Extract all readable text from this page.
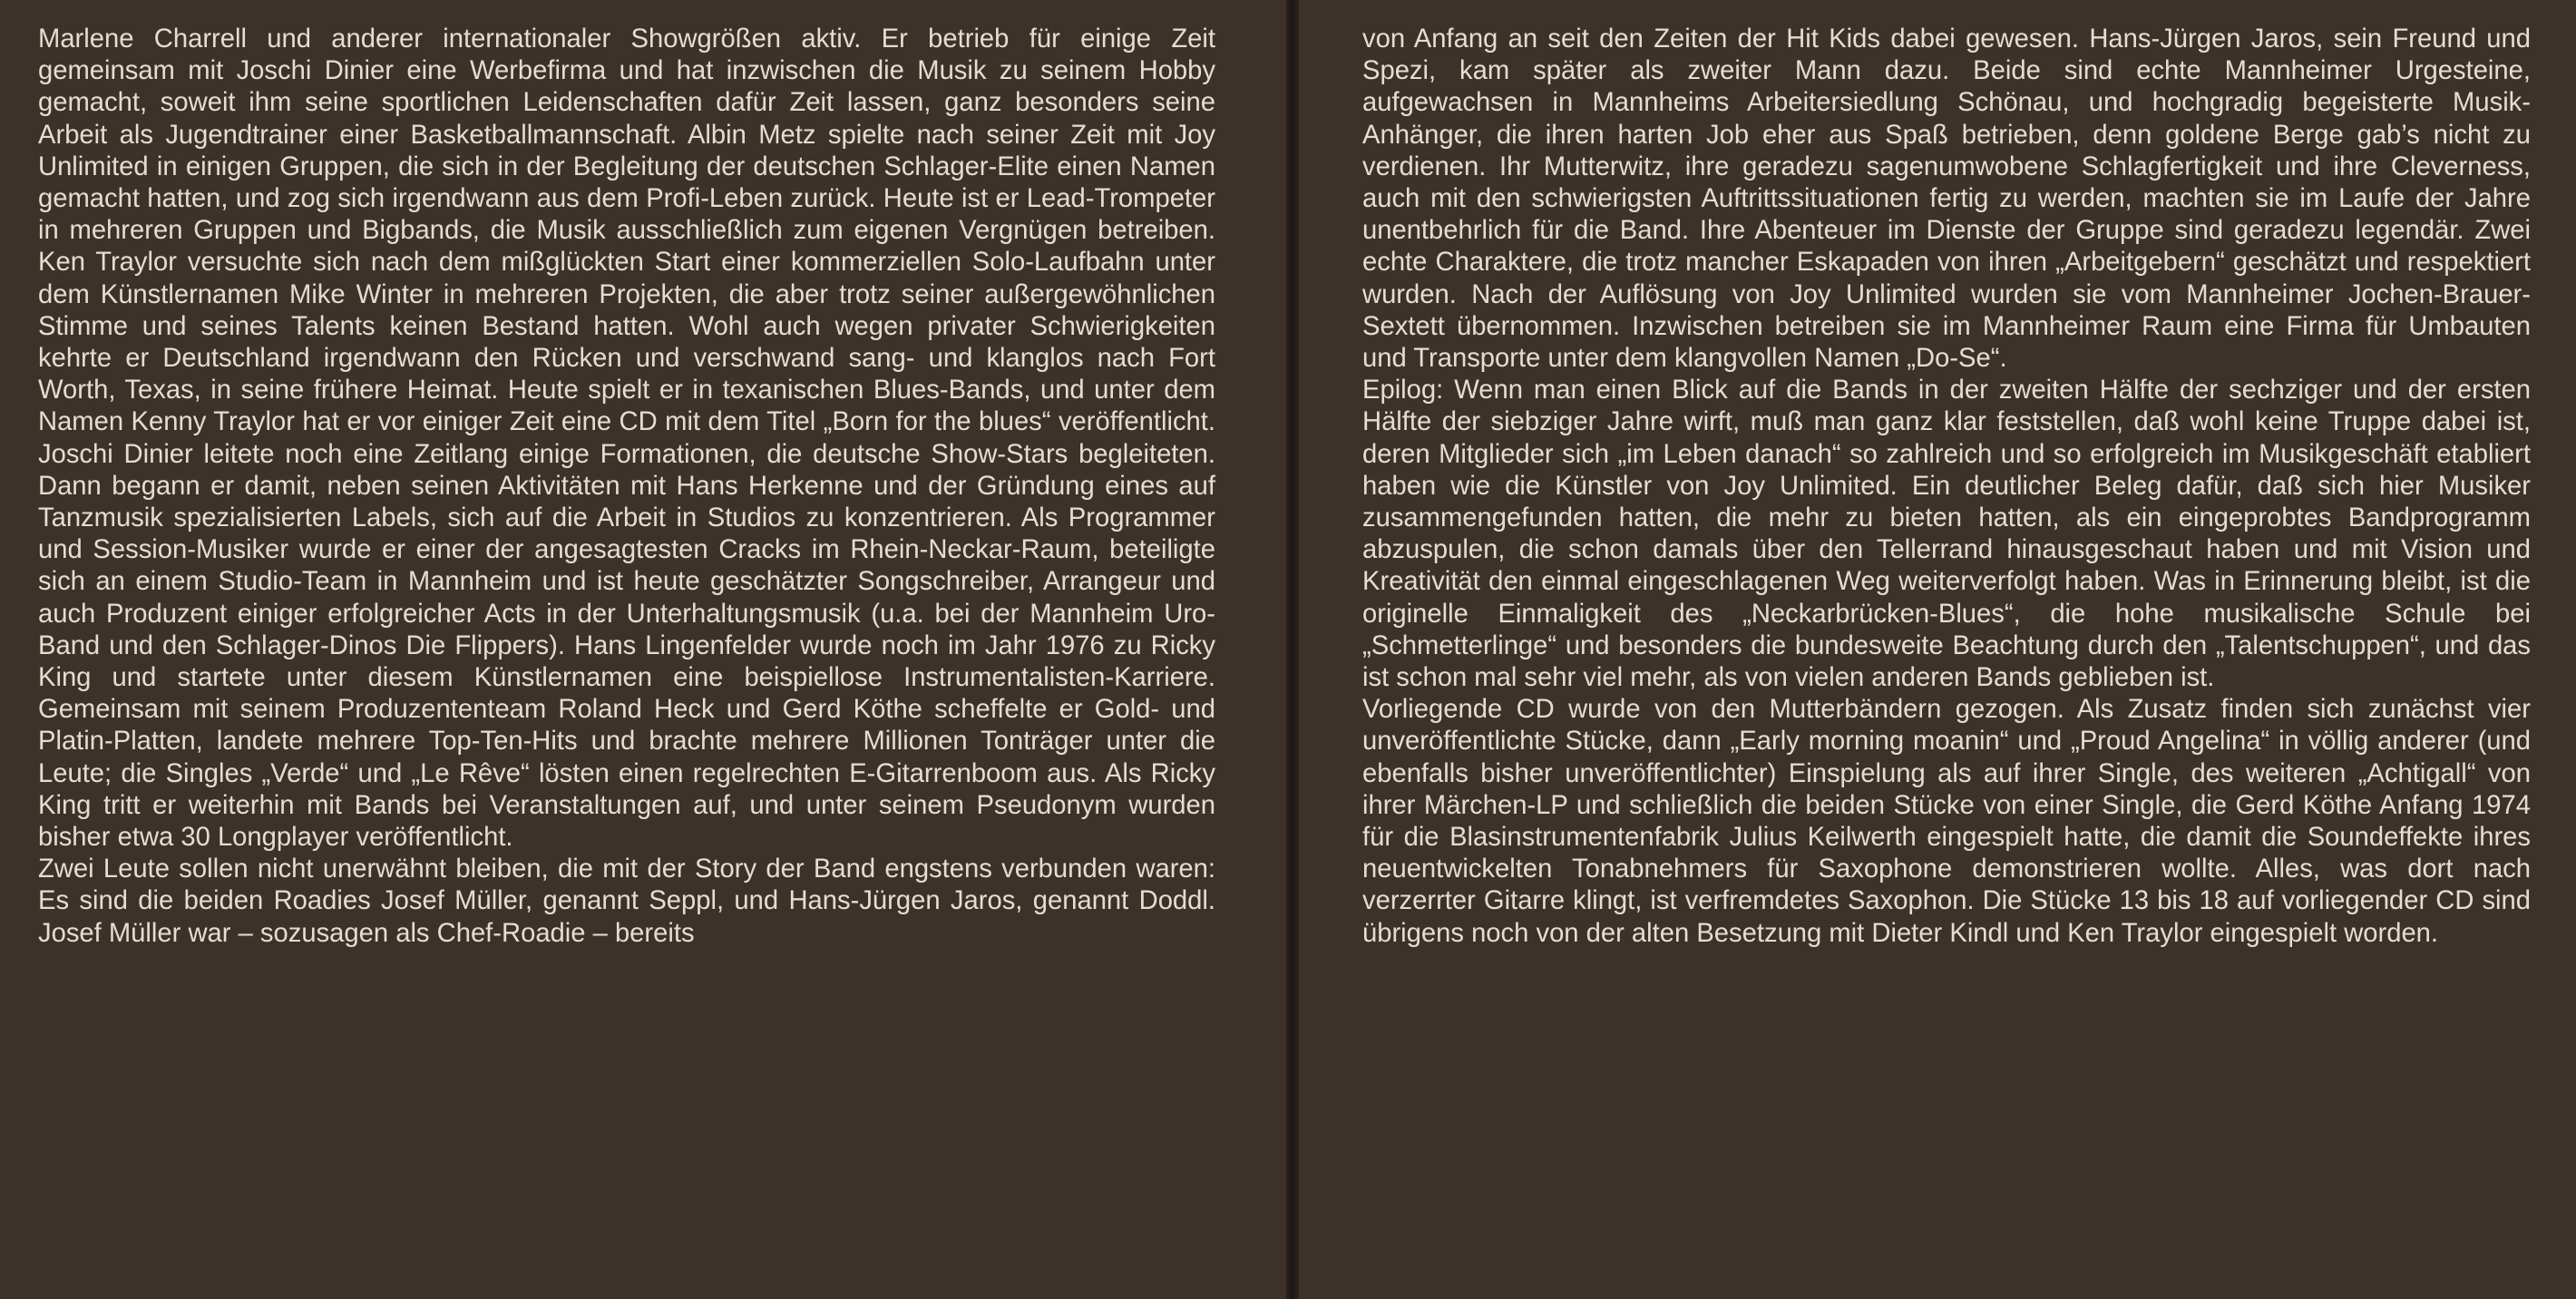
Marlene Charrell und anderer internationaler Showgrößen aktiv. Er betrieb für einige Zeit gemeinsam mit Joschi Dinier eine Werbefirma und hat inzwischen die Musik zu seinem Hobby gemacht, soweit ihm seine sportlichen Leidenschaften dafür Zeit lassen, ganz besonders seine Arbeit als Jugendtrainer einer Basketballmannschaft. Albin Metz spielte nach seiner Zeit mit Joy Unlimited in einigen Gruppen, die sich in der Begleitung der deutschen Schlager-Elite einen Namen gemacht hatten, und zog sich irgendwann aus dem Profi-Leben zurück. Heute ist er Lead-Trompeter in mehreren Gruppen und Bigbands, die Musik ausschließlich zum eigenen Vergnügen betreiben. Ken Traylor versuchte sich nach dem mißglückten Start einer kommerziellen Solo-Laufbahn unter dem Künstlernamen Mike Winter in mehreren Projekten, die aber trotz seiner außergewöhnlichen Stimme und seines Talents keinen Bestand hatten. Wohl auch wegen privater Schwierigkeiten kehrte er Deutschland irgendwann den Rücken und verschwand sang- und klanglos nach Fort Worth, Texas, in seine frühere Heimat. Heute spielt er in texanischen Blues-Bands, und unter dem Namen Kenny Traylor hat er vor einiger Zeit eine CD mit dem Titel „Born for the blues“ veröffentlicht. Joschi Dinier leitete noch eine Zeitlang einige Formationen, die deutsche Show-Stars begleiteten. Dann begann er damit, neben seinen Aktivitäten mit Hans Herkenne und der Gründung eines auf Tanzmusik spezialisierten Labels, sich auf die Arbeit in Studios zu konzentrieren. Als Programmer und Session-Musiker wurde er einer der angesagtesten Cracks im Rhein-Neckar-Raum, beteiligte sich an einem Studio-Team in Mannheim und ist heute geschätzter Songschreiber, Arrangeur und auch Produzent einiger erfolgreicher Acts in der Unterhaltungsmusik (u.a. bei der Mannheim Uro-Band und den Schlager-Dinos Die Flippers). Hans Lingenfelder wurde noch im Jahr 1976 zu Ricky King und startete unter diesem Künstlernamen eine beispiellose Instrumentalisten-Karriere. Gemeinsam mit seinem Produzententeam Roland Heck und Gerd Köthe scheffelte er Gold- und Platin-Platten, landete mehrere Top-Ten-Hits und brachte mehrere Millionen Tonträger unter die Leute; die Singles „Verde“ und „Le Rêve“ lösten einen regelrechten E-Gitarrenboom aus. Als Ricky King tritt er weiterhin mit Bands bei Veranstaltungen auf, und unter seinem Pseudonym wurden bisher etwa 30 Longplayer veröffentlicht.

Zwei Leute sollen nicht unerwähnt bleiben, die mit der Story der Band engstens verbunden waren: Es sind die beiden Roadies Josef Müller, genannt Seppl, und Hans-Jürgen Jaros, genannt Doddl. Josef Müller war – sozusagen als Chef-Roadie – bereits

von Anfang an seit den Zeiten der Hit Kids dabei gewesen. Hans-Jürgen Jaros, sein Freund und Spezi, kam später als zweiter Mann dazu. Beide sind echte Mannheimer Urgesteine, aufgewachsen in Mannheims Arbeitersiedlung Schönau, und hochgradig begeisterte Musik-Anhänger, die ihren harten Job eher aus Spaß betrieben, denn goldene Berge gab’s nicht zu verdienen. Ihr Mutterwitz, ihre geradezu sagenumwobene Schlagfertigkeit und ihre Cleverness, auch mit den schwierigsten Auftrittssituationen fertig zu werden, machten sie im Laufe der Jahre unentbehrlich für die Band. Ihre Abenteuer im Dienste der Gruppe sind geradezu legendär. Zwei echte Charaktere, die trotz mancher Eskapaden von ihren „Arbeitgebern“ geschätzt und respektiert wurden. Nach der Auflösung von Joy Unlimited wurden sie vom Mannheimer Jochen-Brauer-Sextett übernommen. Inzwischen betreiben sie im Mannheimer Raum eine Firma für Umbauten und Transporte unter dem klangvollen Namen „Do-Se“.

Epilog: Wenn man einen Blick auf die Bands in der zweiten Hälfte der sechziger und der ersten Hälfte der siebziger Jahre wirft, muß man ganz klar feststellen, daß wohl keine Truppe dabei ist, deren Mitglieder sich „im Leben danach“ so zahlreich und so erfolgreich im Musikgeschäft etabliert haben wie die Künstler von Joy Unlimited. Ein deutlicher Beleg dafür, daß sich hier Musiker zusammengefunden hatten, die mehr zu bieten hatten, als ein eingeprobtes Bandprogramm abzuspulen, die schon damals über den Tellerrand hinausgeschaut haben und mit Vision und Kreativität den einmal eingeschlagenen Weg weiterverfolgt haben. Was in Erinnerung bleibt, ist die originelle Einmaligkeit des „Neckarbrücken-Blues“, die hohe musikalische Schule bei „Schmetterlinge“ und besonders die bundesweite Beachtung durch den „Talentschuppen“, und das ist schon mal sehr viel mehr, als von vielen anderen Bands geblieben ist.

Vorliegende CD wurde von den Mutterbändern gezogen. Als Zusatz finden sich zunächst vier unveröffentlichte Stücke, dann „Early morning moanin“ und „Proud Angelina“ in völlig anderer (und ebenfalls bisher unveröffentlichter) Einspielung als auf ihrer Single, des weiteren „Achtigall“ von ihrer Märchen-LP und schließlich die beiden Stücke von einer Single, die Gerd Köthe Anfang 1974 für die Blasinstrumentenfabrik Julius Keilwerth eingespielt hatte, die damit die Soundeffekte ihres neuentwickelten Tonabnehmers für Saxophone demonstrieren wollte. Alles, was dort nach verzerrter Gitarre klingt, ist verfremdetes Saxophon. Die Stücke 13 bis 18 auf vorliegender CD sind übrigens noch von der alten Besetzung mit Dieter Kindl und Ken Traylor eingespielt worden.
